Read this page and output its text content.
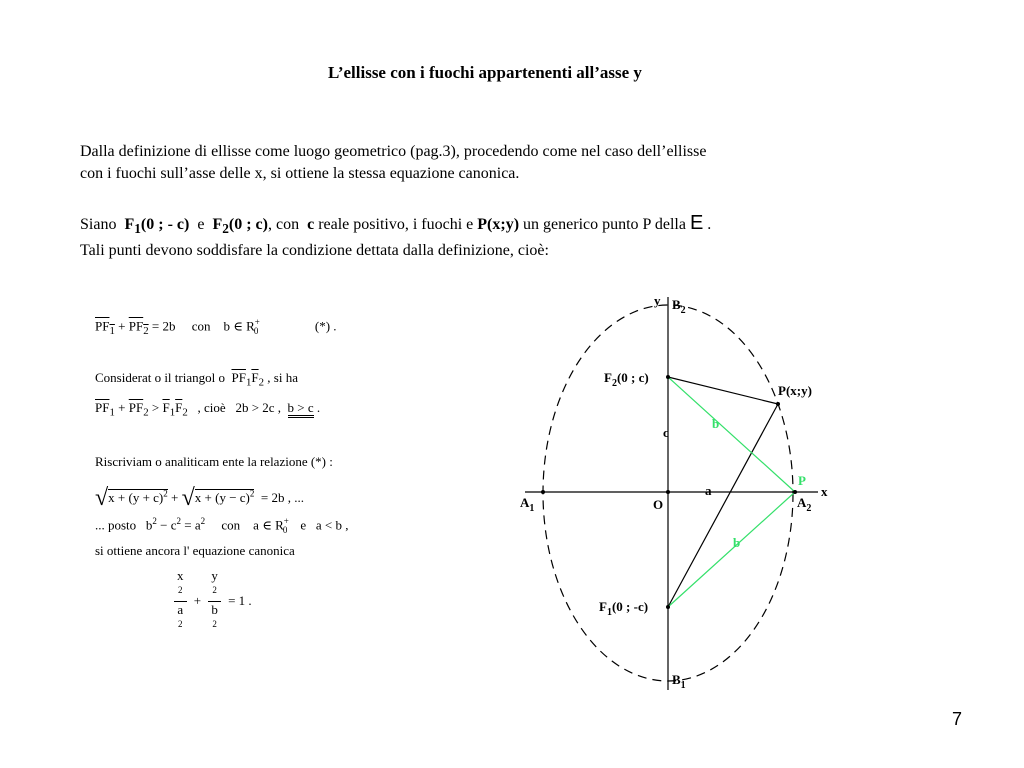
L’ellisse con i fuochi appartenenti all’asse y
Dalla definizione di ellisse come luogo geometrico (pag.3), procedendo come nel caso dell’ellisse
con i fuochi sull’asse delle x, si ottiene la stessa equazione canonica.
Siano $F_1(0$ ; - c) e $F_2(0$ ; c), con c reale positivo, i fuochi e P(x;y) un generico punto P della E .
Tali punti devono soddisfare la condizione dettata dalla definizione, cioè:
$\overline{PF}_1 + \overline{PF}_2 = 2b$ con b ∈ $R^+_0$	(*) .
Considerat o il triangol o $\overline{PF}_1\overline{F}_2$ , si ha
$\overline{PF}_1 + \overline{PF}_2 > \overline{F}_1\overline{F}_2$ , cioè 2b > 2c , b > c .
Riscriviam o analiticam ente la relazione (*) :
$√x + (y + c)^2 + √x + (y - c)^2 = 2b$ , ...
... posto $b^2 - c^2 = a^2$ con a ∈ $R^+_0$ e a < b ,
si ottiene ancora l' equazione canonica
x
$^2$
a
$^2$ + y
$^2$
b
$^2$ = 1 .
y
x
$B_2$
$B_1$
$A_1$	$A_2$
O
a
c
b
b
P
$F_2(0$ ; c)
$F_1(0$ ; -c)
P(x;y)
7
